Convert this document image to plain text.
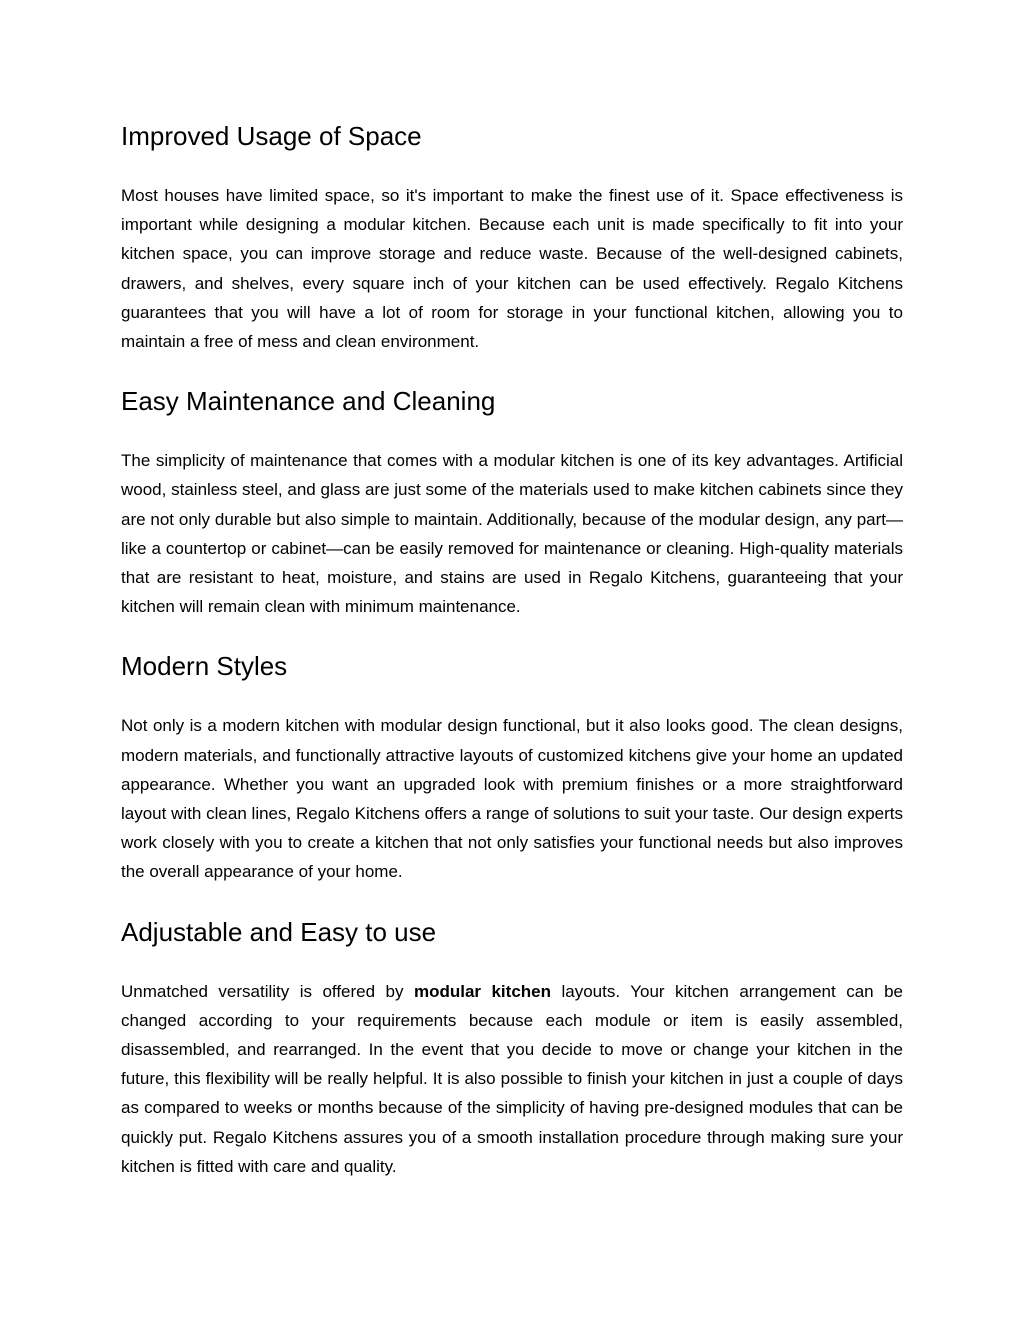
Improved Usage of Space

Most houses have limited space, so it's important to make the finest use of it. Space effectiveness is important while designing a modular kitchen. Because each unit is made specifically to fit into your kitchen space, you can improve storage and reduce waste. Because of the well-designed cabinets, drawers, and shelves, every square inch of your kitchen can be used effectively. Regalo Kitchens guarantees that you will have a lot of room for storage in your functional kitchen, allowing you to maintain a free of mess and clean environment.

Easy Maintenance and Cleaning

The simplicity of maintenance that comes with a modular kitchen is one of its key advantages. Artificial wood, stainless steel, and glass are just some of the materials used to make kitchen cabinets since they are not only durable but also simple to maintain. Additionally, because of the modular design, any part—like a countertop or cabinet—can be easily removed for maintenance or cleaning. High-quality materials that are resistant to heat, moisture, and stains are used in Regalo Kitchens, guaranteeing that your kitchen will remain clean with minimum maintenance.

Modern Styles

Not only is a modern kitchen with modular design functional, but it also looks good. The clean designs, modern materials, and functionally attractive layouts of customized kitchens give your home an updated appearance. Whether you want an upgraded look with premium finishes or a more straightforward layout with clean lines, Regalo Kitchens offers a range of solutions to suit your taste. Our design experts work closely with you to create a kitchen that not only satisfies your functional needs but also improves the overall appearance of your home.

Adjustable and Easy to use

Unmatched versatility is offered by modular kitchen layouts. Your kitchen arrangement can be changed according to your requirements because each module or item is easily assembled, disassembled, and rearranged. In the event that you decide to move or change your kitchen in the future, this flexibility will be really helpful. It is also possible to finish your kitchen in just a couple of days as compared to weeks or months because of the simplicity of having pre-designed modules that can be quickly put. Regalo Kitchens assures you of a smooth installation procedure through making sure your kitchen is fitted with care and quality.
